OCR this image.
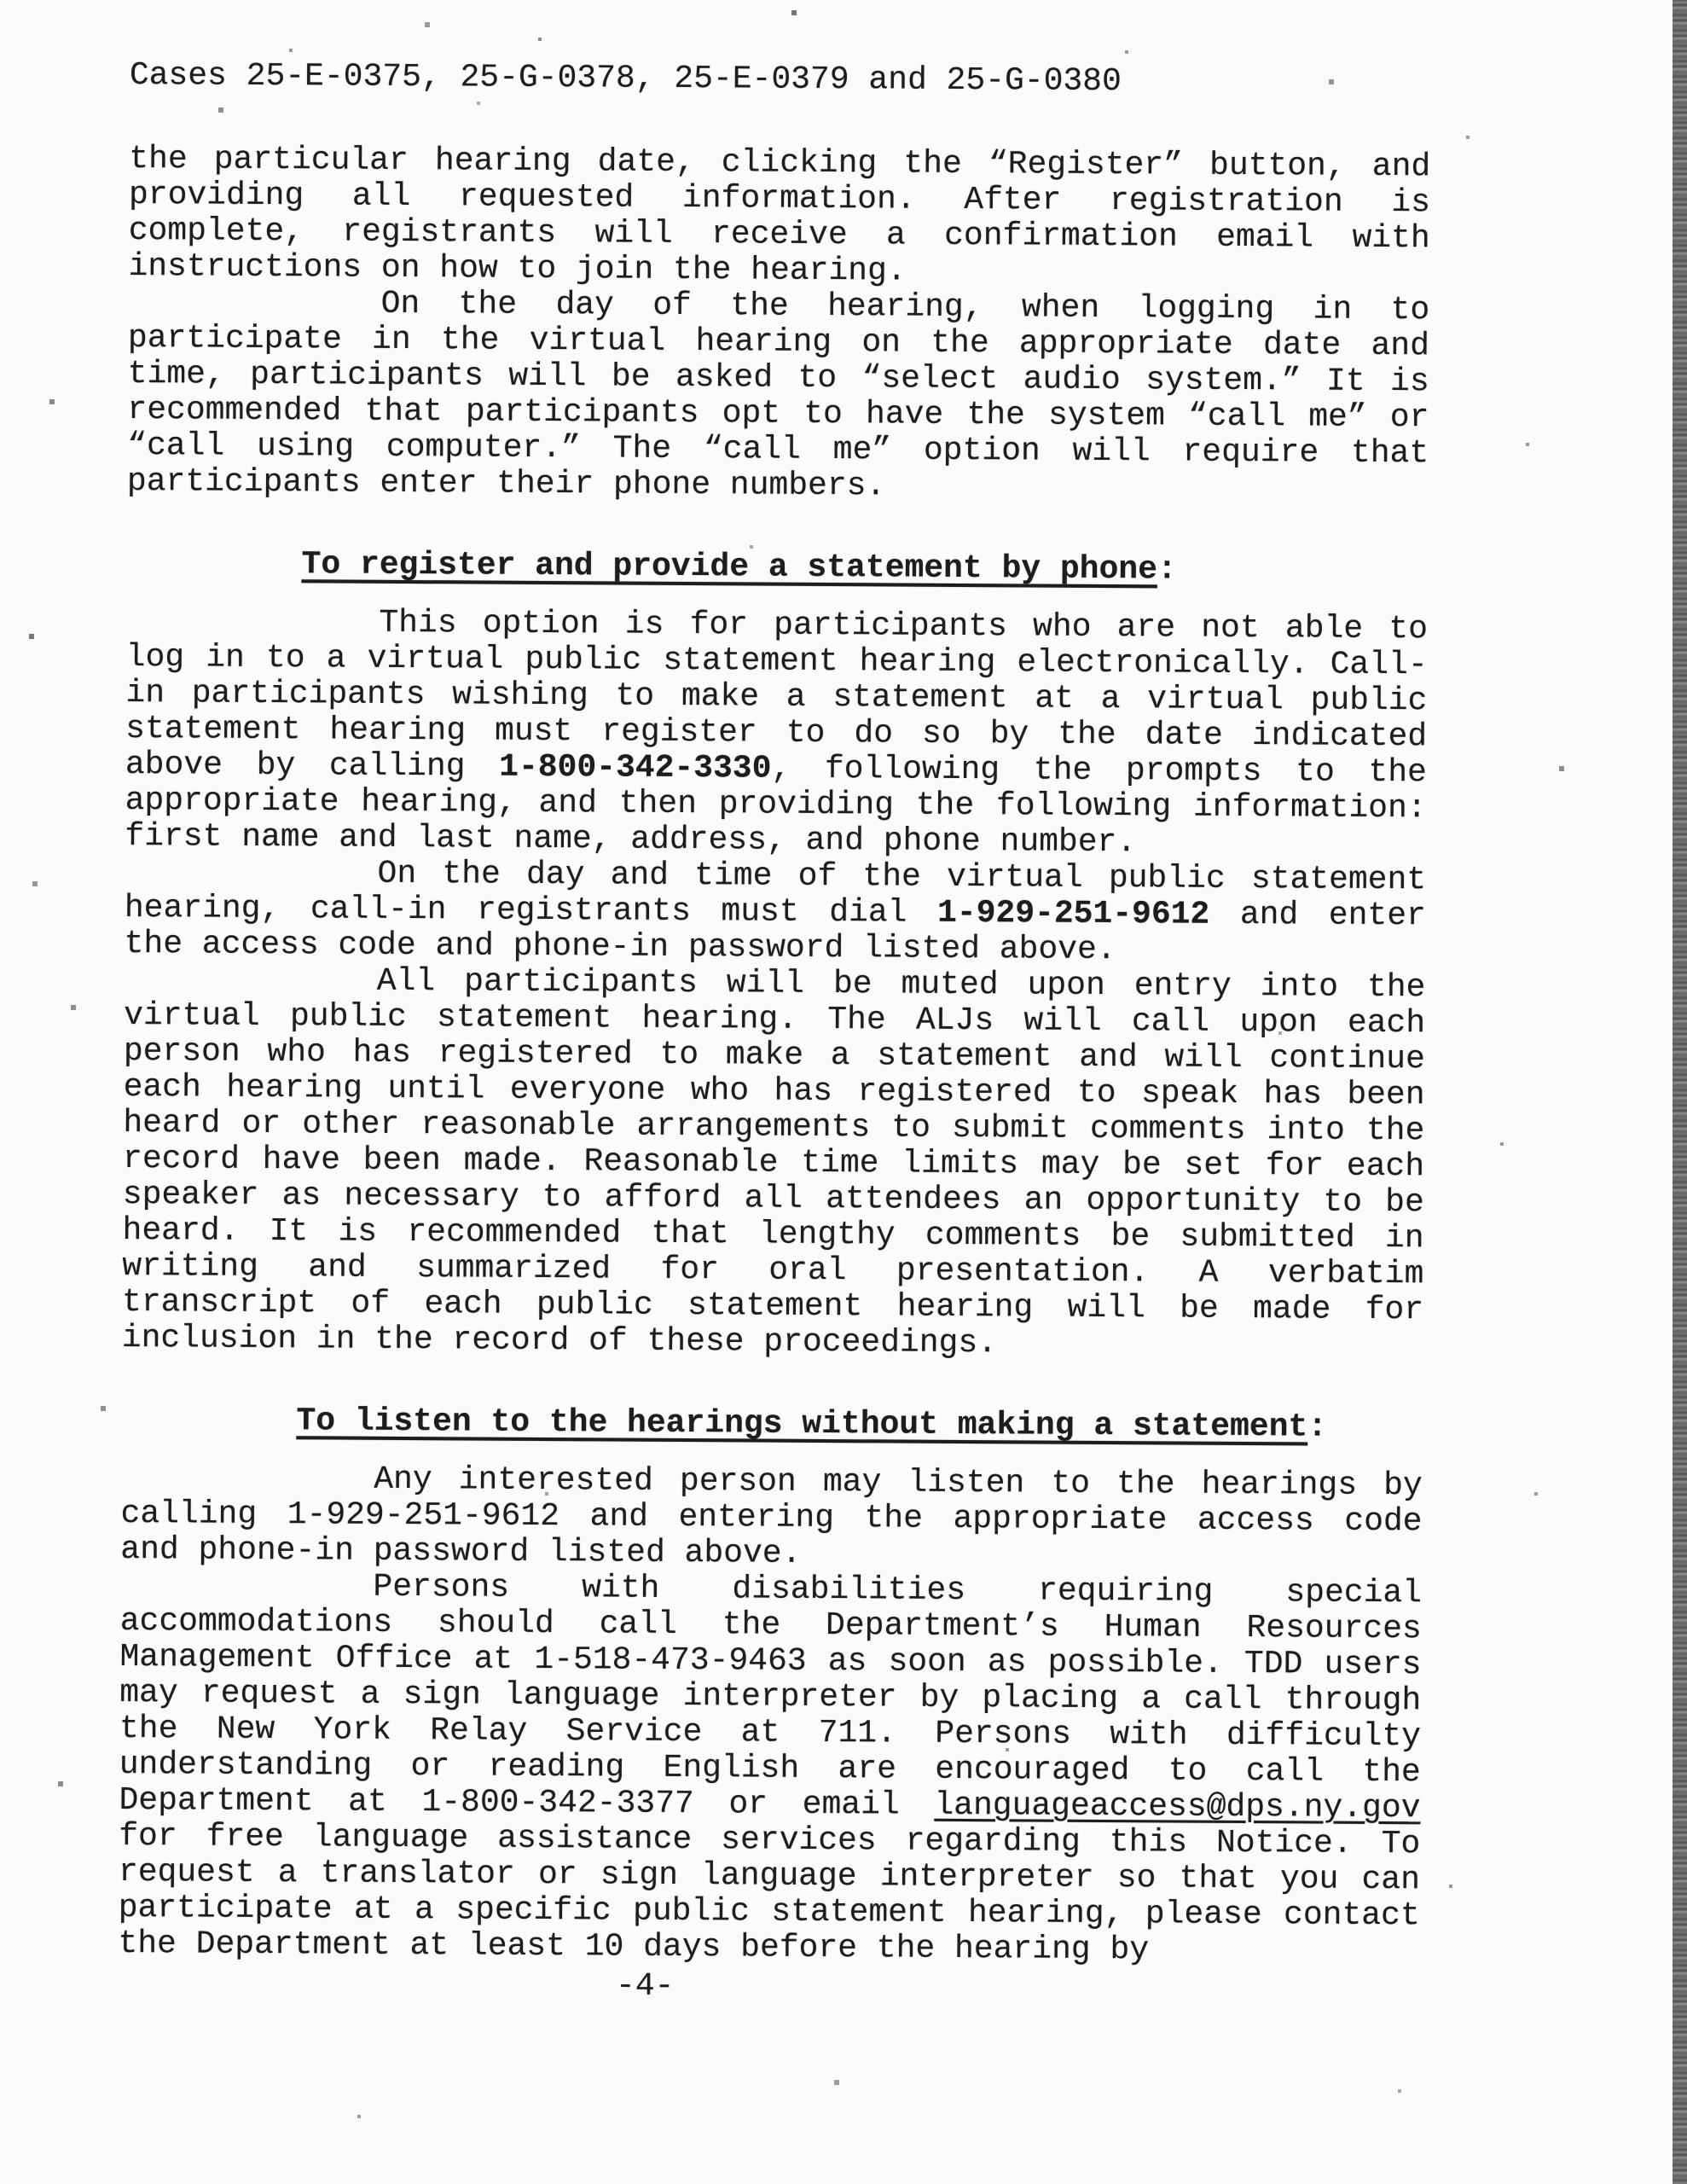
Cases 25-E-0375, 25-G-0378, 25-E-0379 and 25-G-0380

the particular hearing date, clicking the “Register” button, and providing all requested information. After registration is complete, registrants will receive a confirmation email with instructions on how to join the hearing.

On the day of the hearing, when logging in to participate in the virtual hearing on the appropriate date and time, participants will be asked to “select audio system.” It is recommended that participants opt to have the system “call me” or “call using computer.” The “call me” option will require that participants enter their phone numbers.

To register and provide a statement by phone:

This option is for participants who are not able to log in to a virtual public statement hearing electronically. Call-in participants wishing to make a statement at a virtual public statement hearing must register to do so by the date indicated above by calling 1-800-342-3330, following the prompts to the appropriate hearing, and then providing the following information: first name and last name, address, and phone number.

On the day and time of the virtual public statement hearing, call-in registrants must dial 1-929-251-9612 and enter the access code and phone-in password listed above.

All participants will be muted upon entry into the virtual public statement hearing. The ALJs will call upon each person who has registered to make a statement and will continue each hearing until everyone who has registered to speak has been heard or other reasonable arrangements to submit comments into the record have been made. Reasonable time limits may be set for each speaker as necessary to afford all attendees an opportunity to be heard. It is recommended that lengthy comments be submitted in writing and summarized for oral presentation. A verbatim transcript of each public statement hearing will be made for inclusion in the record of these proceedings.

To listen to the hearings without making a statement:

Any interested person may listen to the hearings by calling 1-929-251-9612 and entering the appropriate access code and phone-in password listed above.

Persons with disabilities requiring special accommodations should call the Department’s Human Resources Management Office at 1-518-473-9463 as soon as possible. TDD users may request a sign language interpreter by placing a call through the New York Relay Service at 711. Persons with difficulty understanding or reading English are encouraged to call the Department at 1-800-342-3377 or email languageaccess@dps.ny.gov for free language assistance services regarding this Notice. To request a translator or sign language interpreter so that you can participate at a specific public statement hearing, please contact the Department at least 10 days before the hearing by

-4-
